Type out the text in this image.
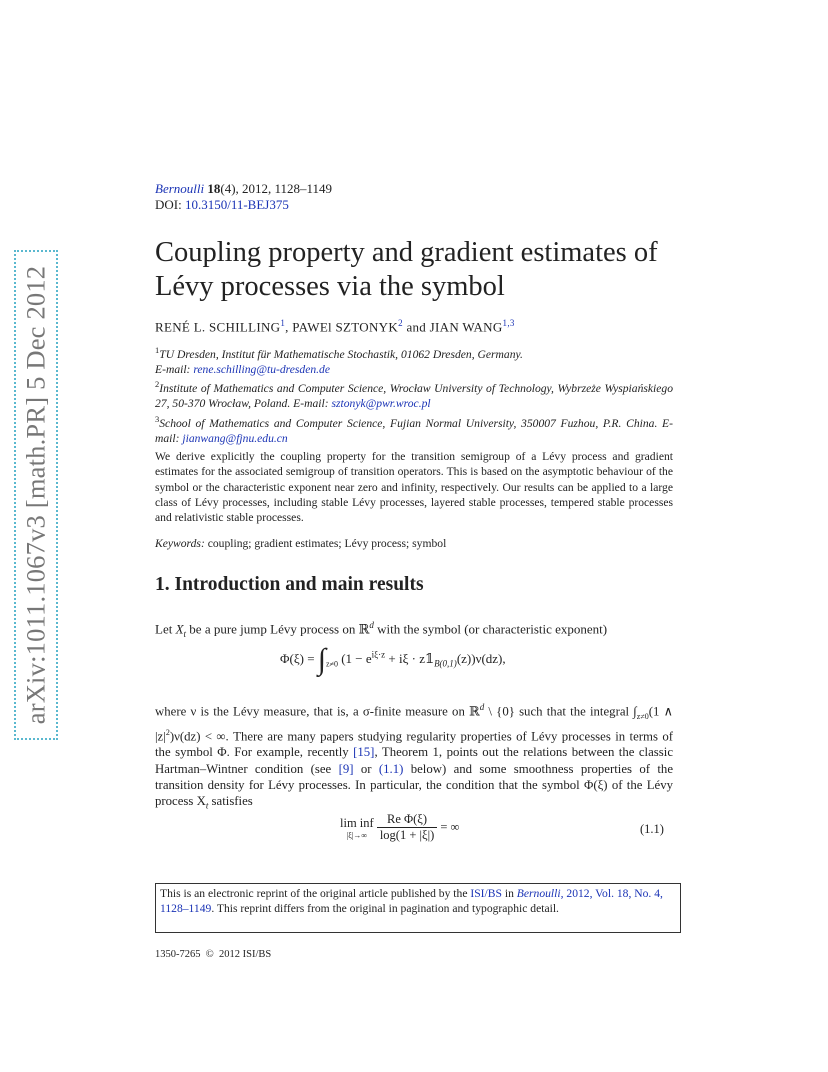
arXiv:1011.1067v3 [math.PR] 5 Dec 2012
Bernoulli 18(4), 2012, 1128–1149
DOI: 10.3150/11-BEJ375
Coupling property and gradient estimates of
Lévy processes via the symbol
RENÉ L. SCHILLING$^1$, PAWEl SZTONYK$^2$ and JIAN WANG$^{1,3}$

$^1$TU Dresden, Institut für Mathematische Stochastik, 01062 Dresden, Germany.
E-mail: rene.schilling@tu-dresden.de

$^2$Institute of Mathematics and Computer Science, Wrocław University of Technology, Wybrzeże Wyspiańskiego 27, 50-370 Wrocław, Poland. E-mail: sztonyk@pwr.wroc.pl

$^3$School of Mathematics and Computer Science, Fujian Normal University, 350007 Fuzhou, P.R. China. E-mail: jianwang@fjnu.edu.cn

We derive explicitly the coupling property for the transition semigroup of a Lévy process and gradient estimates for the associated semigroup of transition operators. This is based on the asymptotic behaviour of the symbol or the characteristic exponent near zero and infinity, respectively. Our results can be applied to a large class of Lévy processes, including stable Lévy processes, layered stable processes, tempered stable processes and relativistic stable processes.

Keywords: coupling; gradient estimates; Lévy process; symbol
1. Introduction and main results

Let $X_t$ be a pure jump Lévy process on ℝ$^d$ with the symbol (or characteristic exponent)

$\Phi(\xi) = \int_{z\ne 0}$ ($1 - e^{i\xi\cdot z} + i\xi$ · $z𝟙_{B(0,1)}(z))\nu(dz)$,

where ν is the Lévy measure, that is, a σ-finite measure on ℝ$^d$ \ {0} such that the integral $\int_{z\ne 0}(1$ ∧ $|z|^2)\nu(dz)$ < ∞. There are many papers studying regularity properties of Lévy processes in terms of the symbol Φ. For example, recently [15], Theorem 1, points out the relations between the classic Hartman–Wintner condition (see [9] or (1.1) below) and some smoothness properties of the transition density for Lévy processes. In particular, the condition that the symbol Φ(ξ) of the Lévy process $X_t$ satisfies

lim inf
|ξ|→∞
$\frac{\text{Re Φ(ξ)}}{\log(1 + |\xi|)}$ = ∞	(1.1)
This is an electronic reprint of the original article published by the ISI/BS in Bernoulli, 2012, Vol. 18, No. 4, 1128–1149. This reprint differs from the original in pagination and typographic detail.
1350-7265 © 2012 ISI/BS
